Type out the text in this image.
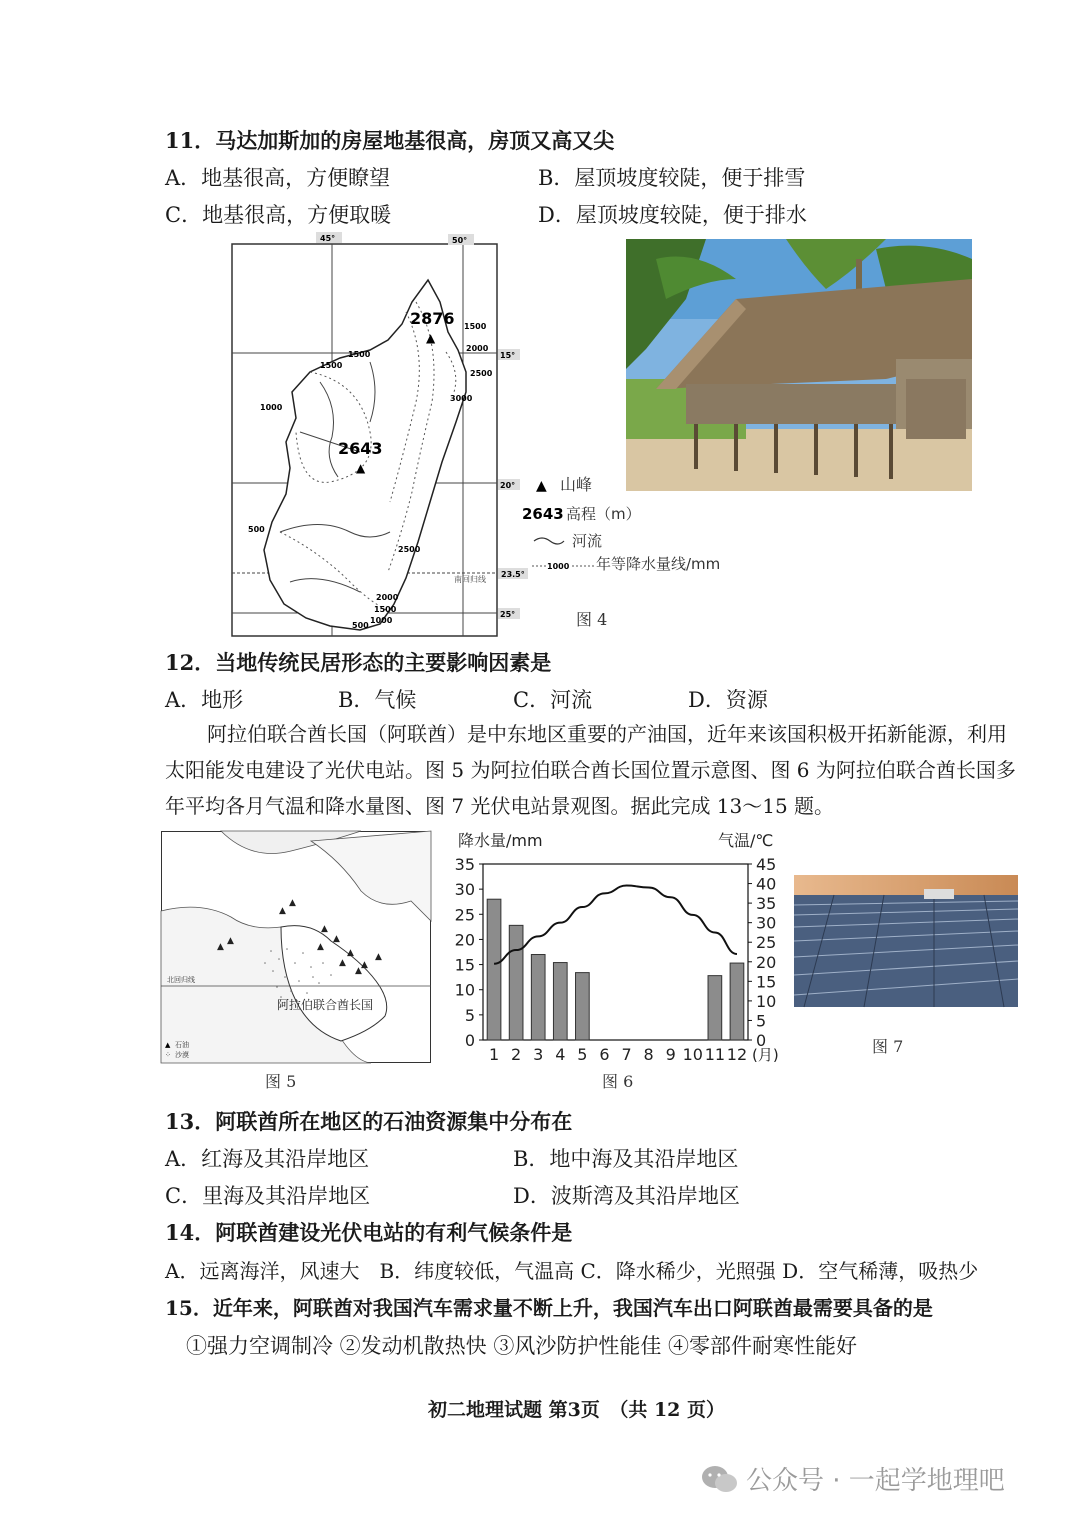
11．马达加斯加的房屋地基很高，房顶又高又尖
A．地基很高，方便瞭望	B．屋顶坡度较陡，便于排雪
C．地基很高，方便取暖	D．屋顶坡度较陡，便于排水
45°	50°
15°
20°
23.5°
25°
南回归线
2876
▲
2643
▲
1500
2000
2500
3000
1500
1500
1000
500
2500
2000
1500
1000
500
▲ 山峰
2643 高程（m）
河流
1000 年等降水量线/mm
图 4
12．当地传统民居形态的主要影响因素是
A．地形	B．气候	C．河流	D．资源
阿拉伯联合酋长国（阿联酋）是中东地区重要的产油国，近年来该国积极开拓新能源，利用太阳能发电建设了光伏电站。图 5 为阿拉伯联合酋长国位置示意图、图 6 为阿拉伯联合酋长国多年平均各月气温和降水量图、图 7 光伏电站景观图。据此完成 13～15 题。
▲
▲
▲
▲
▲
▲
▲
▲
▲
▲
▲
▲
北回归线
阿拉伯联合酋长国
▲ 石油
⁘ 沙漠
图 5
降水量/mm	气温/℃
0
5
10
15
20
25
30
35
0
5
10
15
20
25
30
35
40
45
1 2 3 4 5 6 7 8 9 10 11 12 (月)
图 6
图 7
13．阿联酋所在地区的石油资源集中分布在
A．红海及其沿岸地区	B．地中海及其沿岸地区
C．里海及其沿岸地区	D．波斯湾及其沿岸地区
14．阿联酋建设光伏电站的有利气候条件是
A．远离海洋，风速大　B．纬度较低，气温高 C．降水稀少，光照强 D．空气稀薄，吸热少
15．近年来，阿联酋对我国汽车需求量不断上升，我国汽车出口阿联酋最需要具备的是
①强力空调制冷 ②发动机散热快 ③风沙防护性能佳 ④零部件耐寒性能好
初二地理试题 第3页　（共 12 页）
公众号 · 一起学地理吧
